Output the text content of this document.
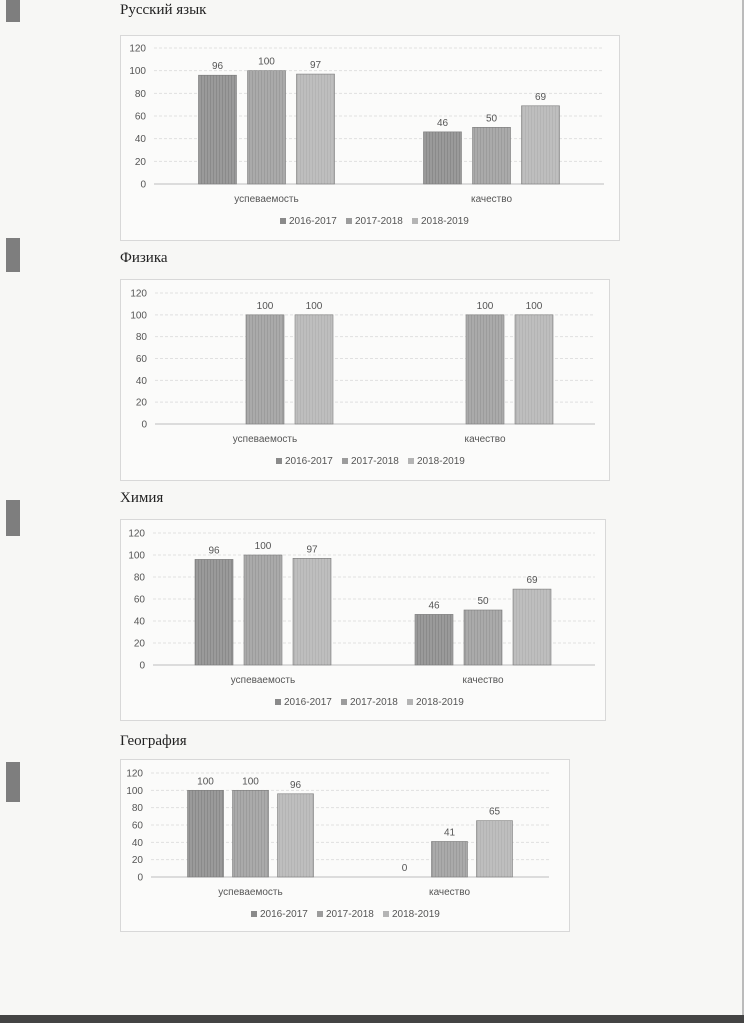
Русский язык
120
100
80
60
40
20
0
96	100	97
успеваемость
46	50
69
качество
2016-2017 2017-2018 2018-2019
Физика
120
100
80
60
40
20
0
100	100
успеваемость
100	100
качество
2016-2017 2017-2018 2018-2019
Химия
120
100
80
60
40
20
0
96	100	97
успеваемость
46	50
69
качество
2016-2017 2017-2018 2018-2019
География
120
100
80
60
40
20
0
100	100	96
успеваемость
0
41
65
качество
2016-2017 2017-2018 2018-2019
